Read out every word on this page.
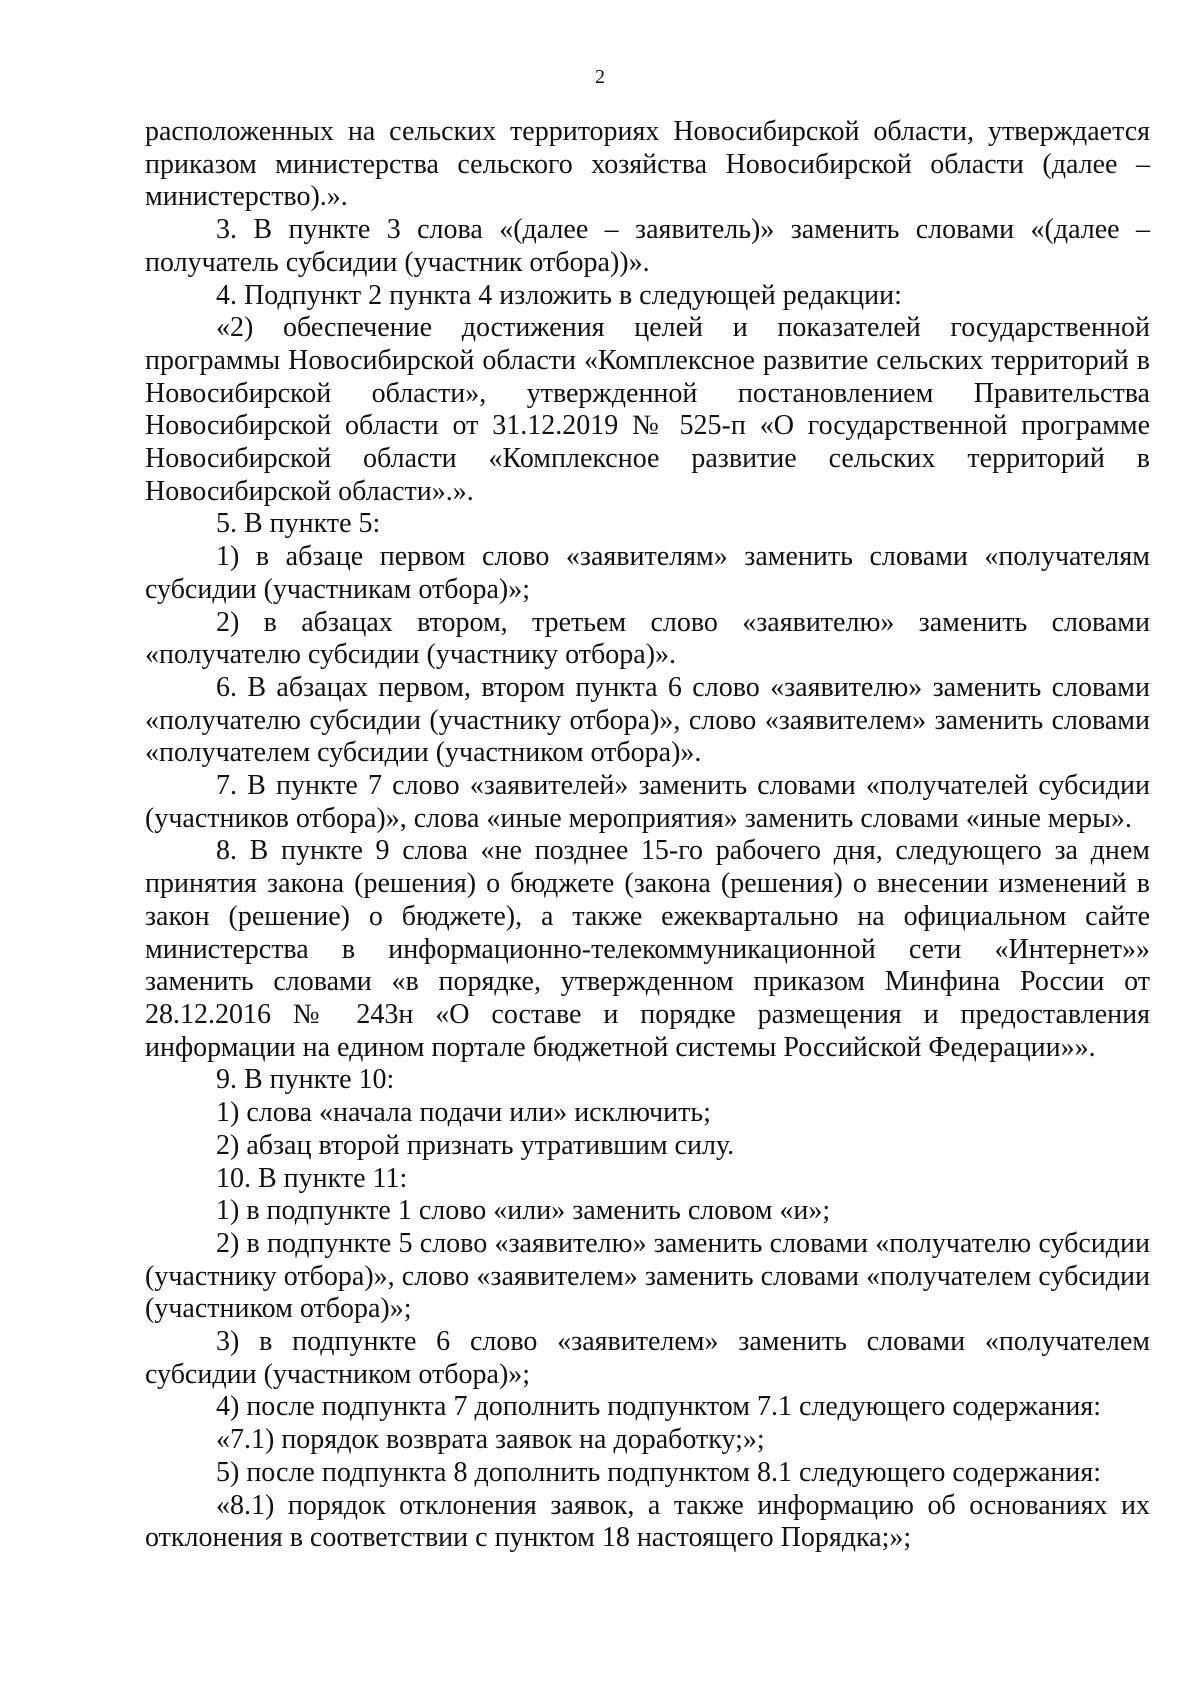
2

расположенных на сельских территориях Новосибирской области, утверждается приказом министерства сельского хозяйства Новосибирской области (далее – министерство).».

3. В пункте 3 слова «(далее – заявитель)» заменить словами «(далее – получатель субсидии (участник отбора))».

4. Подпункт 2 пункта 4 изложить в следующей редакции:

«2) обеспечение достижения целей и показателей государственной программы Новосибирской области «Комплексное развитие сельских территорий в Новосибирской области», утвержденной постановлением Правительства Новосибирской области от 31.12.2019 № 525-п «О государственной программе Новосибирской области «Комплексное развитие сельских территорий в Новосибирской области».».

5. В пункте 5:

1) в абзаце первом слово «заявителям» заменить словами «получателям субсидии (участникам отбора)»;

2) в абзацах втором, третьем слово «заявителю» заменить словами «получателю субсидии (участнику отбора)».

6. В абзацах первом, втором пункта 6 слово «заявителю» заменить словами «получателю субсидии (участнику отбора)», слово «заявителем» заменить словами «получателем субсидии (участником отбора)».

7. В пункте 7 слово «заявителей» заменить словами «получателей субсидии (участников отбора)», слова «иные мероприятия» заменить словами «иные меры».

8. В пункте 9 слова «не позднее 15-го рабочего дня, следующего за днем принятия закона (решения) о бюджете (закона (решения) о внесении изменений в закон (решение) о бюджете), а также ежеквартально на официальном сайте министерства в информационно-телекоммуникационной сети «Интернет»» заменить словами «в порядке, утвержденном приказом Минфина России от 28.12.2016 № 243н «О составе и порядке размещения и предоставления информации на едином портале бюджетной системы Российской Федерации»».

9. В пункте 10:

1) слова «начала подачи или» исключить;

2) абзац второй признать утратившим силу.

10. В пункте 11:

1) в подпункте 1 слово «или» заменить словом «и»;

2) в подпункте 5 слово «заявителю» заменить словами «получателю субсидии (участнику отбора)», слово «заявителем» заменить словами «получателем субсидии (участником отбора)»;

3) в подпункте 6 слово «заявителем» заменить словами «получателем субсидии (участником отбора)»;

4) после подпункта 7 дополнить подпунктом 7.1 следующего содержания:

«7.1) порядок возврата заявок на доработку;»;

5) после подпункта 8 дополнить подпунктом 8.1 следующего содержания:

«8.1) порядок отклонения заявок, а также информацию об основаниях их отклонения в соответствии с пунктом 18 настоящего Порядка;»;
